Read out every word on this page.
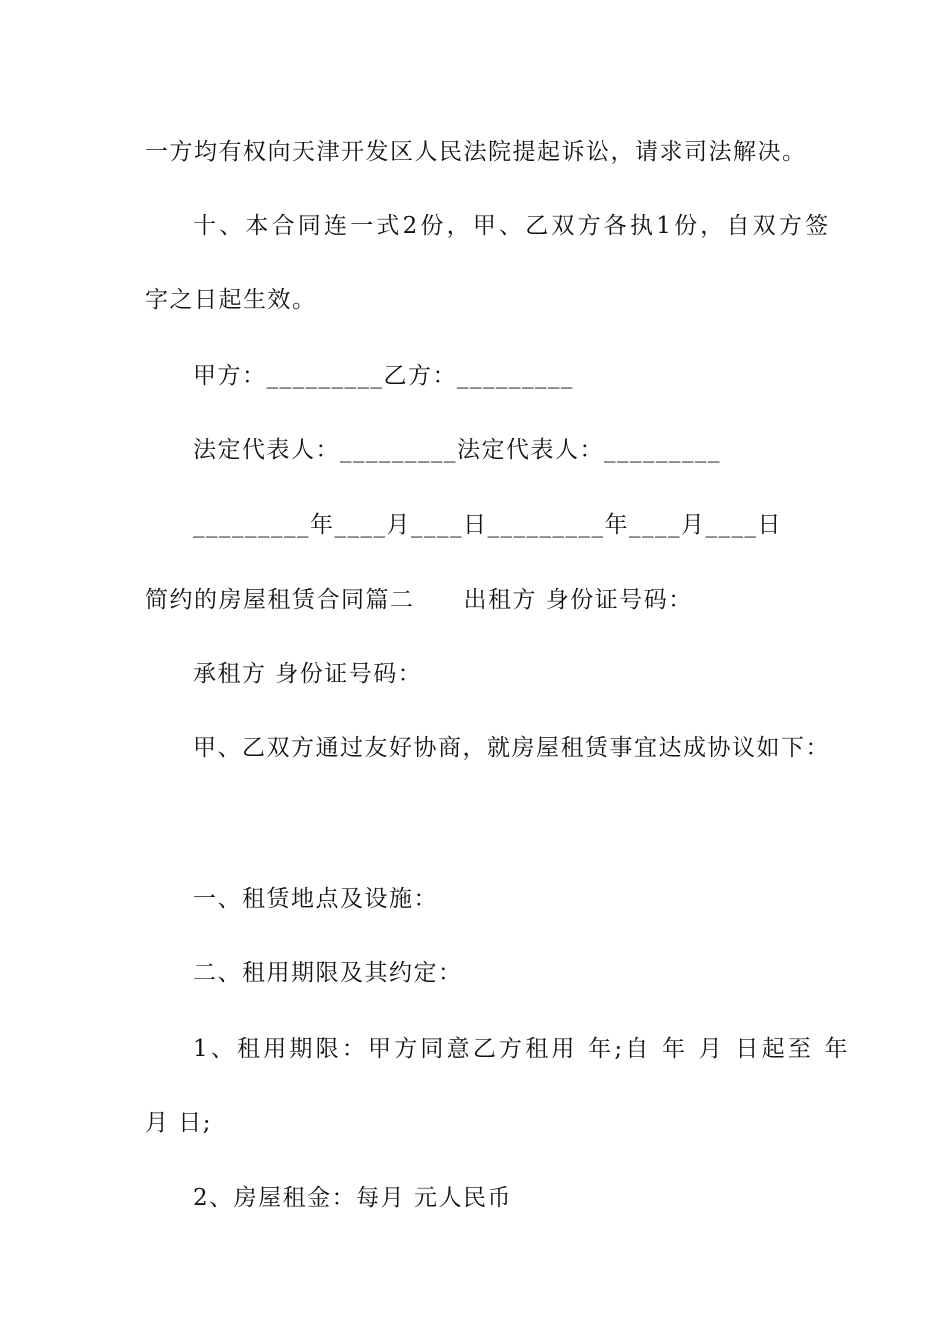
一方均有权向天津开发区人民法院提起诉讼，请求司法解决。
十、本合同连一式2份，甲、乙双方各执1份，自双方签
字之日起生效。
甲方：_________乙方：_________
法定代表人：_________法定代表人：_________
_________年____月____日_________年____月____日
简约的房屋租赁合同篇二　　出租方 身份证号码：
承租方 身份证号码：
甲、乙双方通过友好协商，就房屋租赁事宜达成协议如下：
一、租赁地点及设施：
二、租用期限及其约定：
1、租用期限：甲方同意乙方租用 年;自 年 月 日起至 年
月 日;
2、房屋租金：每月 元人民币
